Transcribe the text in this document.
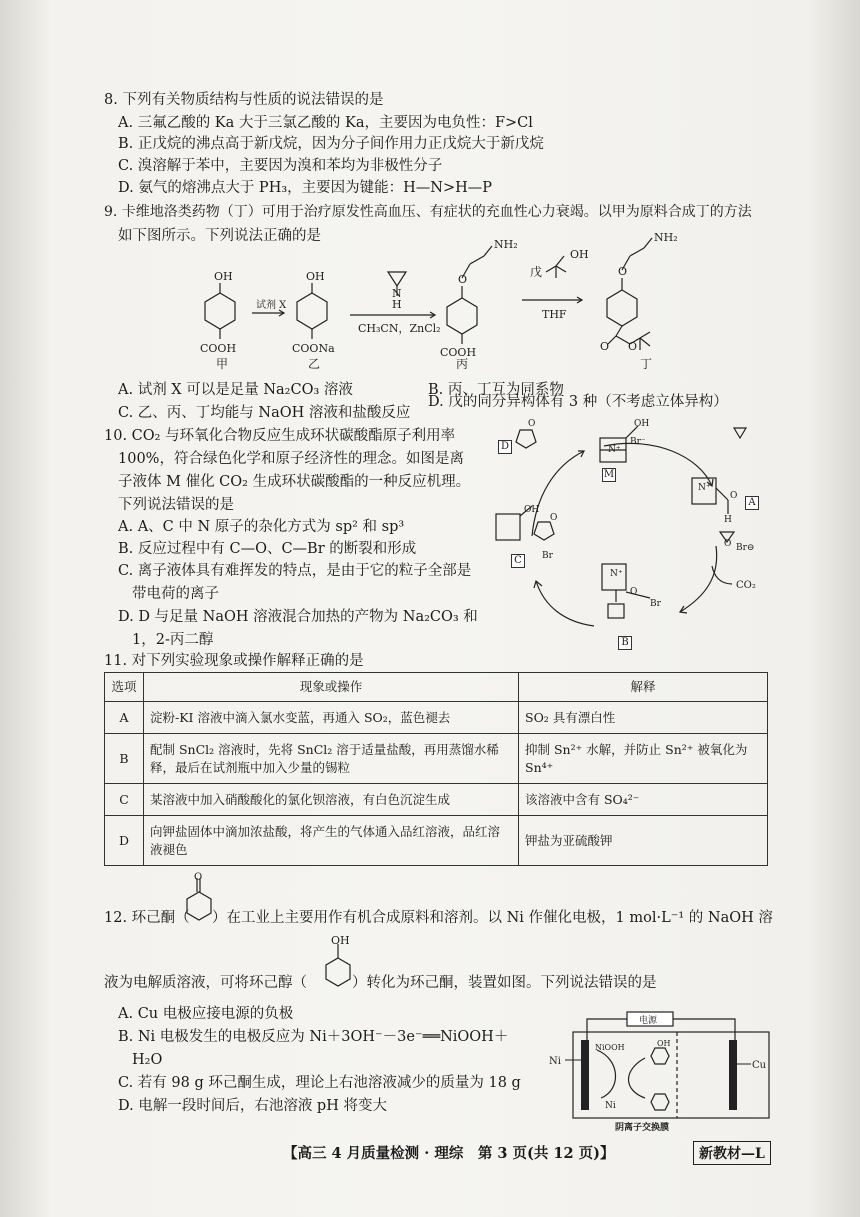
8. 下列有关物质结构与性质的说法错误的是
A. 三氟乙酸的 Ka 大于三氯乙酸的 Ka，主要因为电负性：F>Cl
B. 正戊烷的沸点高于新戊烷，因为分子间作用力正戊烷大于新戊烷
C. 溴溶解于苯中，主要因为溴和苯均为非极性分子
D. 氨气的熔沸点大于 PH₃，主要因为键能：H—N>H—P
9. 卡维地洛类药物（丁）可用于治疗原发性高血压、有症状的充血性心力衰竭。以甲为原料合成丁的方法
如下图所示。下列说法正确的是
OH	OH
COOH	COONa
H
N
O
NH₂
COOH
OH
O
NH₂
O O
试剂 X
CH₃CN，ZnCl₂
THF
戊
甲	乙	丙	丁
A. 试剂 X 可以是足量 Na₂CO₃ 溶液	B. 丙、丁互为同系物
C. 乙、丙、丁均能与 NaOH 溶液和盐酸反应
D. 戊的同分异构体有 3 种（不考虑立体异构）
10. CO₂ 与环氧化合物反应生成环状碳酸酯原子利用率
100%，符合绿色化学和原子经济性的理念。如图是离
子液体 M 催化 CO₂ 生成环状碳酸酯的一种反应机理。
下列说法错误的是
A. A、C 中 N 原子的杂化方式为 sp² 和 sp³
B. 反应过程中有 C—O、C—Br 的断裂和形成
C. 离子液体具有难挥发的特点，是由于它的粒子全部是
带电荷的离子
D. D 与足量 NaOH 溶液混合加热的产物为 Na₂CO₃ 和
1，2-丙二醇
OH
Br⁻
N⁺
N⁺
O
H
O Br⊖
N⁺
O
Br
OH
O
Br
O
CO₂
D
M
A
C
B
11. 对下列实验现象或操作解释正确的是
选项	现象或操作	解释
A	淀粉-KI 溶液中滴入氯水变蓝，再通入 SO₂，蓝色褪去	SO₂ 具有漂白性
B	配制 SnCl₂ 溶液时，先将 SnCl₂ 溶于适量盐酸，再用蒸馏水稀释，最后在试剂瓶中加入少量的锡粒	抑制 Sn²⁺ 水解，并防止 Sn²⁺ 被氧化为 Sn⁴⁺
C	某溶液中加入硝酸酸化的氯化钡溶液，有白色沉淀生成	该溶液中含有 SO₄²⁻
D	向钾盐固体中滴加浓盐酸，将产生的气体通入品红溶液，品红溶液褪色	钾盐为亚硫酸钾
12. 环己酮（
O
）在工业上主要用作有机合成原料和溶剂。以 Ni 作催化电极，1 mol·L⁻¹ 的 NaOH 溶
液为电解质溶液，可将环己醇（
OH
）转化为环己酮，装置如图。下列说法错误的是
A. Cu 电极应接电源的负极
B. Ni 电极发生的电极反应为 Ni＋3OH⁻－3e⁻══NiOOH＋
H₂O
C. 若有 98 g 环己酮生成，理论上右池溶液减少的质量为 18 g
D. 电解一段时间后，右池溶液 pH 将变大
OH
电源
Ni	Cu
NiOOH
Ni
阴离子交换膜
【高三 4 月质量检测 · 理综　第 3 页(共 12 页)】	新教材—L
